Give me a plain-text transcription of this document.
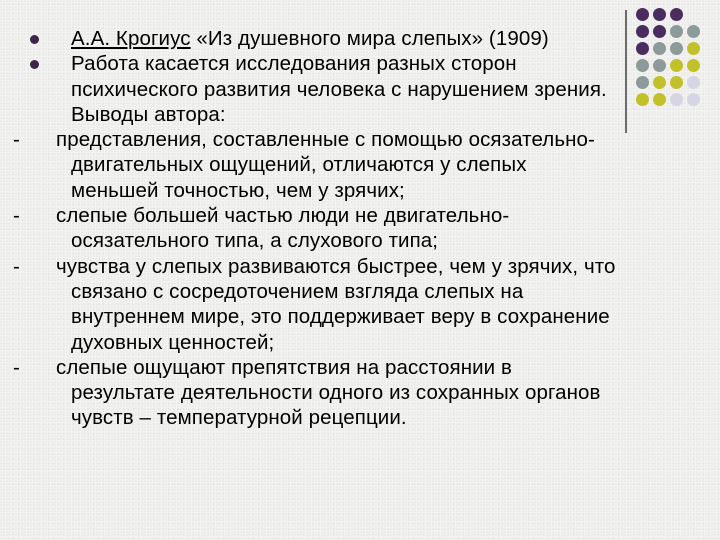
А.А. Крогиус «Из душевного мира слепых» (1909)

Работа касается исследования разных сторон психического развития человека с нарушением зрения. Выводы автора:

- представления, составленные с помощью осязательно-двигательных ощущений, отличаются у слепых меньшей точностью, чем у зрячих;

- слепые большей частью люди не двигательно-осязательного типа, а слухового типа;

- чувства у слепых развиваются быстрее, чем у зрячих, что связано с сосредоточением взгляда слепых на внутреннем мире, это поддерживает веру в сохранение духовных ценностей;

- слепые ощущают препятствия на расстоянии в результате деятельности одного из сохранных органов чувств – температурной рецепции.
